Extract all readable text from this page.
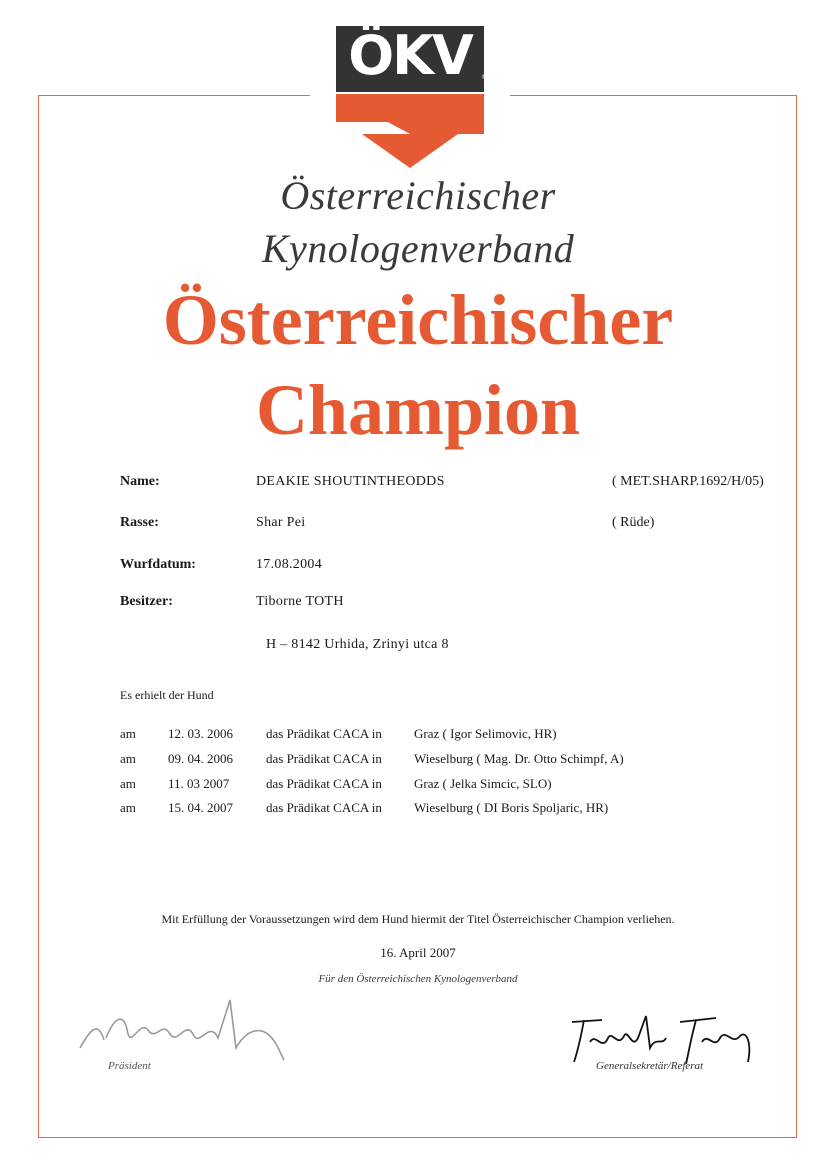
ÖKV	®
Österreichischer
Kynologenverband
Österreichischer
Champion
Name:	DEAKIE SHOUTINTHEODDS	( MET.SHARP.1692/H/05)
Rasse:	Shar Pei	( Rüde)
Wurfdatum:	17.08.2004
Besitzer:	Tiborne TOTH
H – 8142 Urhida, Zrinyi utca 8
Es erhielt der Hund
am 12. 03. 2006	das Prädikat CACA in Graz ( Igor Selimovic, HR)
am 09. 04. 2006	das Prädikat CACA in Wieselburg ( Mag. Dr. Otto Schimpf, A)
am 11. 03 2007	das Prädikat CACA in Graz ( Jelka Simcic, SLO)
am 15. 04. 2007	das Prädikat CACA in Wieselburg ( DI Boris Spoljaric, HR)
Mit Erfüllung der Voraussetzungen wird dem Hund hiermit der Titel Österreichischer Champion verliehen.
16. April 2007
Für den Österreichischen Kynologenverband
Präsident	Generalsekretär/Referat
